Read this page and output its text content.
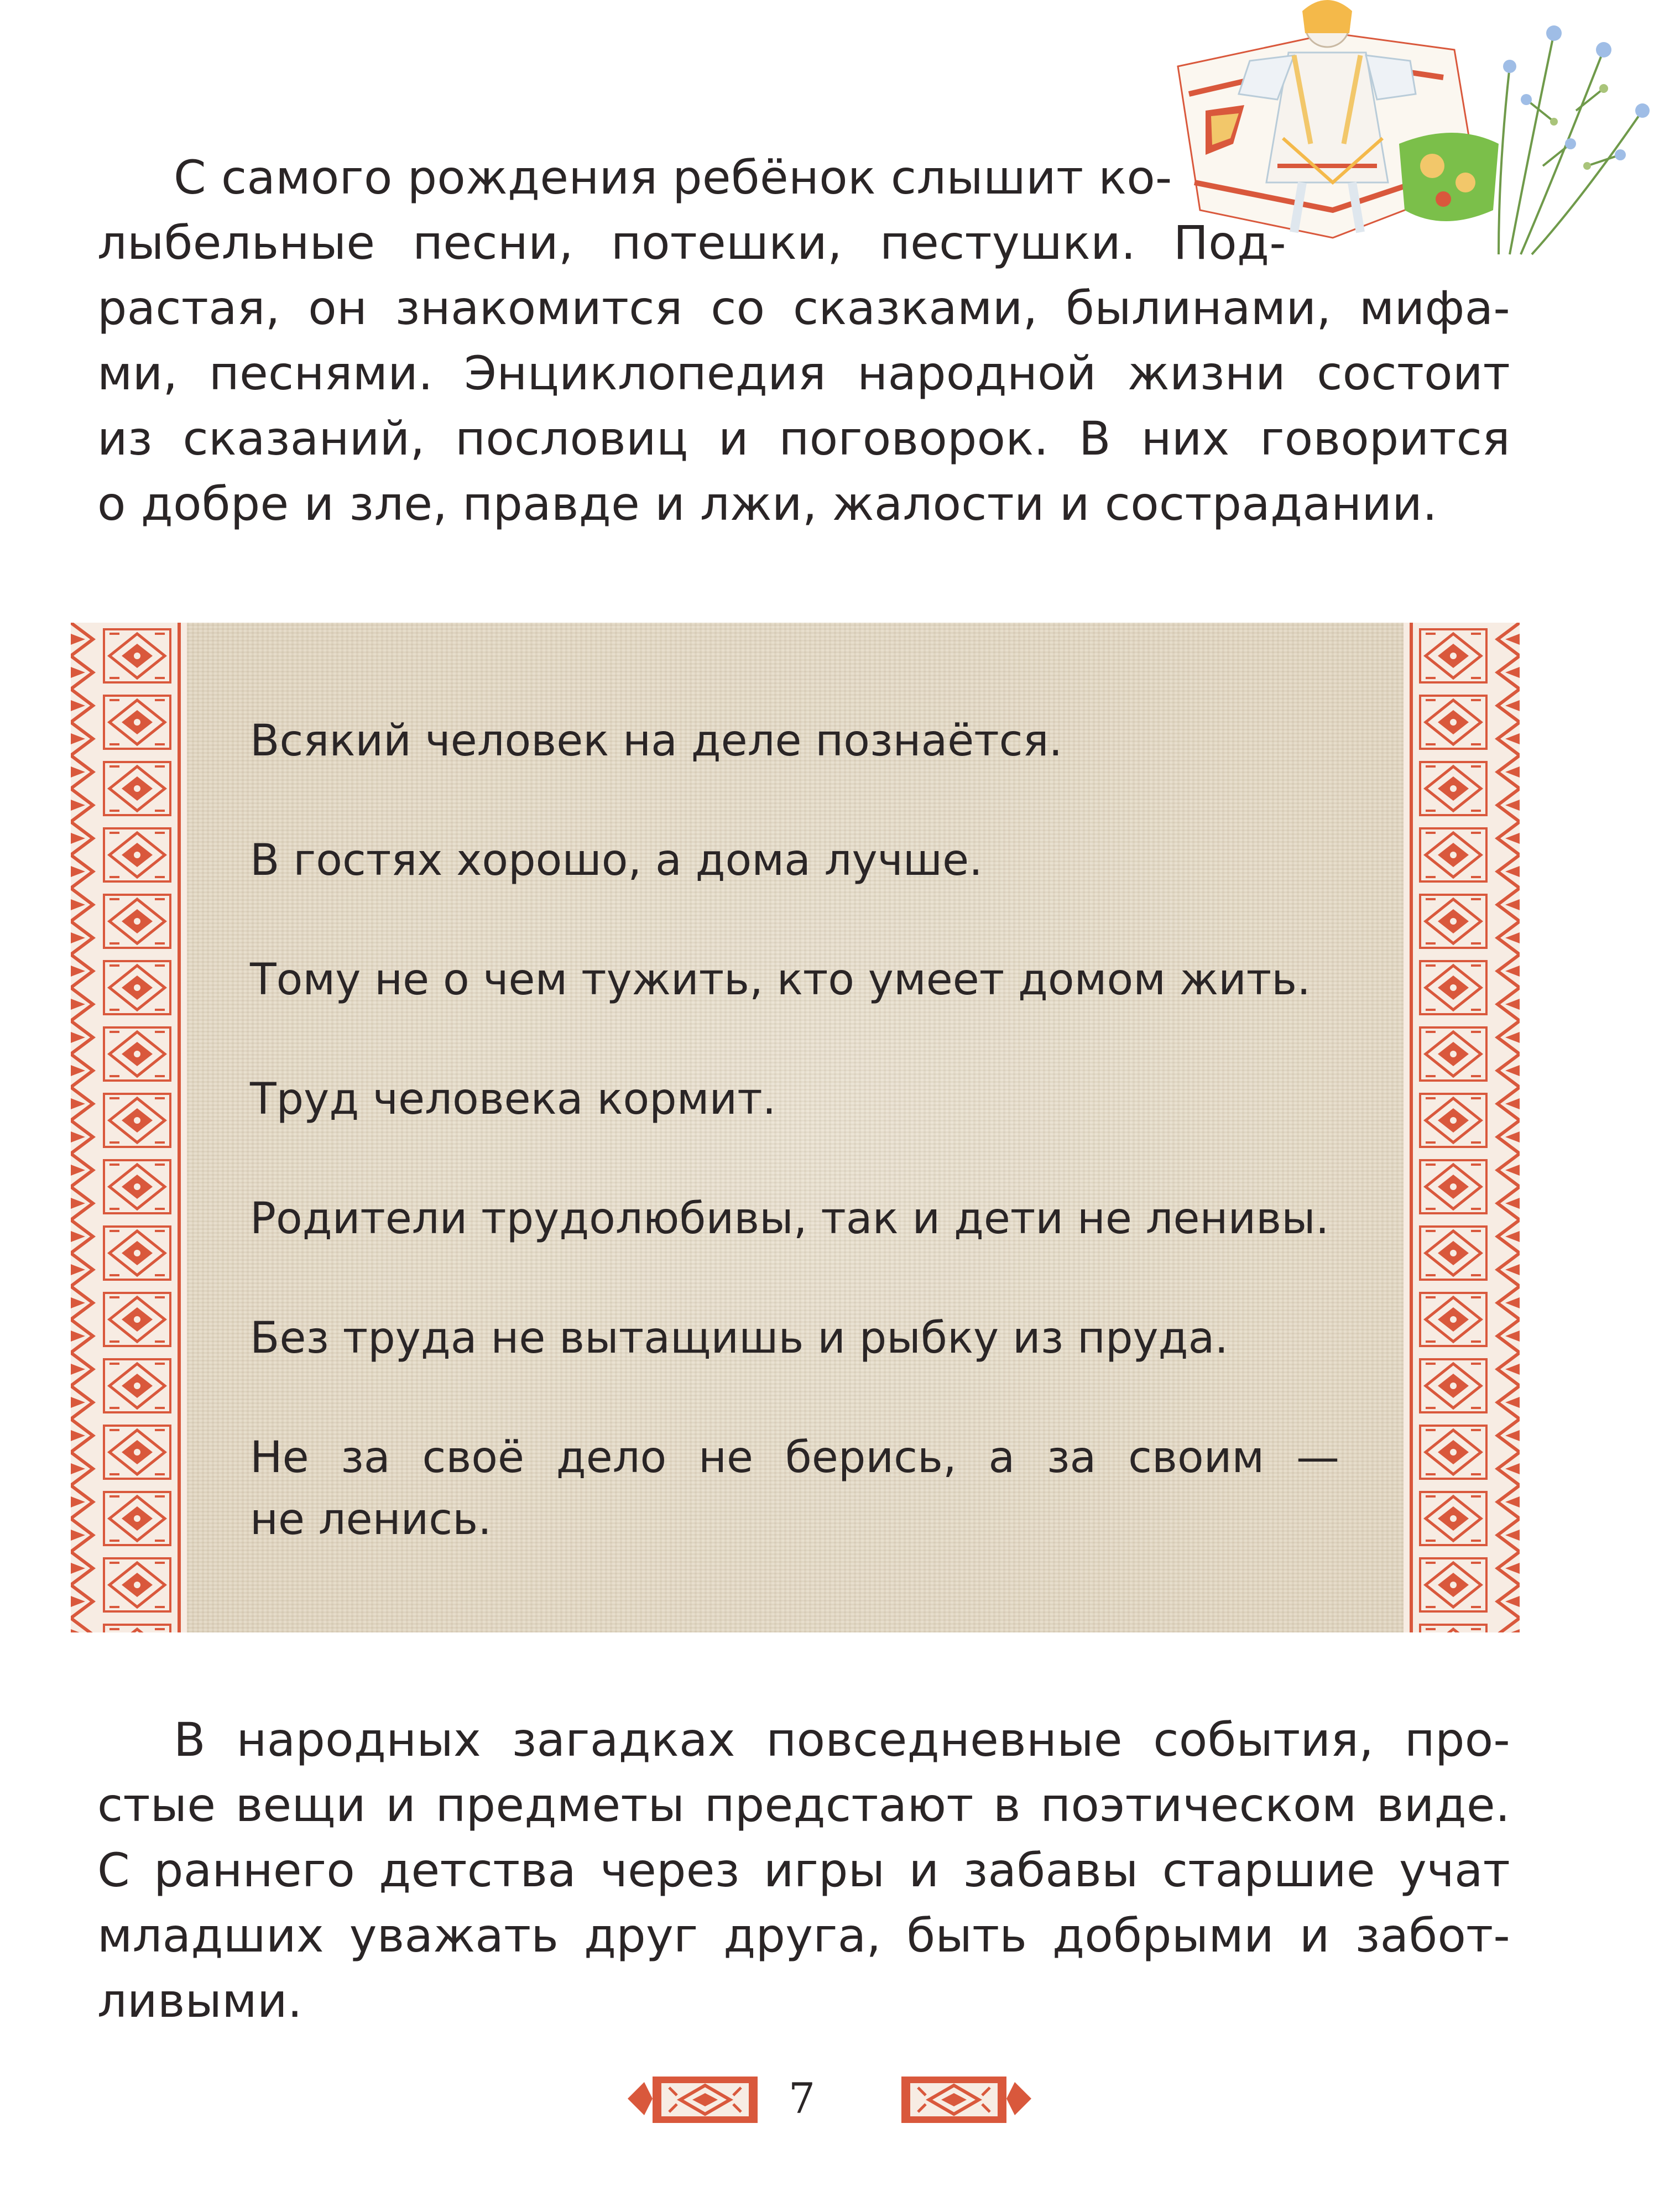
С самого рождения ребёнок слышит ко-
лыбельные песни, потешки, пестушки. Под-
растая, он знакомится со сказками, былинами, мифа-
ми, песнями. Энциклопедия народной жизни состоит
из сказаний, пословиц и поговорок. В них говорится
о добре и зле, правде и лжи, жалости и сострадании.
Всякий человек на деле познаётся.
В гостях хорошо, а дома лучше.
Тому не о чем тужить, кто умеет домом жить.
Труд человека кормит.
Родители трудолюбивы, так и дети не ленивы.
Без труда не вытащишь и рыбку из пруда.
Не за своё дело не берись, а за своим —
не ленись.
В народных загадках повседневные события, про-
стые вещи и предметы предстают в поэтическом виде.
С раннего детства через игры и забавы старшие учат
младших уважать друг друга, быть добрыми и забот-
ливыми.
7
